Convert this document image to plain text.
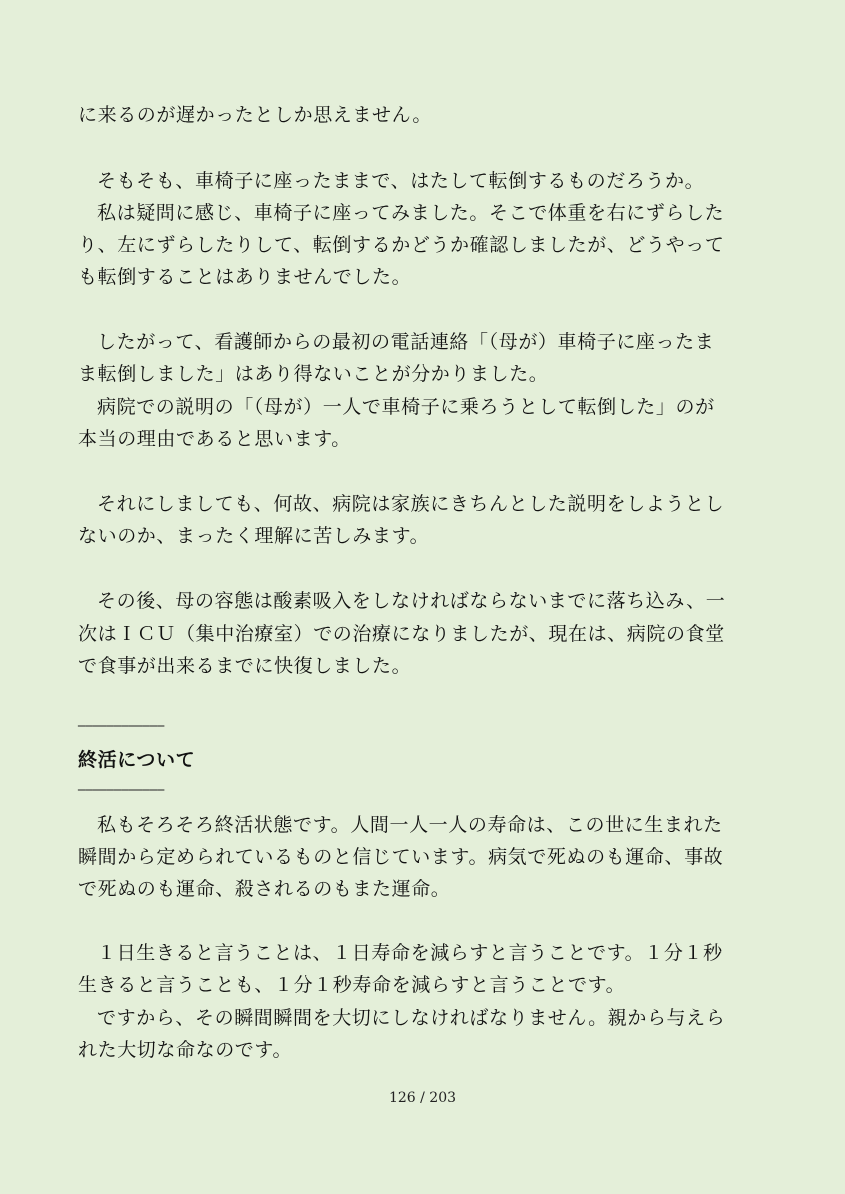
に来るのが遅かったとしか思えません。
そもそも、車椅子に座ったままで、はたして転倒するものだろうか。
私は疑問に感じ、車椅子に座ってみました。そこで体重を右にずらした
り、左にずらしたりして、転倒するかどうか確認しましたが、どうやって
も転倒することはありませんでした。
したがって、看護師からの最初の電話連絡「（母が）車椅子に座ったま
ま転倒しました」はあり得ないことが分かりました。
病院での説明の「（母が）一人で車椅子に乗ろうとして転倒した」のが
本当の理由であると思います。
それにしましても、何故、病院は家族にきちんとした説明をしようとし
ないのか、まったく理解に苦しみます。
その後、母の容態は酸素吸入をしなければならないまでに落ち込み、一
次はＩＣＵ（集中治療室）での治療になりましたが、現在は、病院の食堂
で食事が出来るまでに快復しました。
____________
終活について
____________
私もそろそろ終活状態です。人間一人一人の寿命は、この世に生まれた
瞬間から定められているものと信じています。病気で死ぬのも運命、事故
で死ぬのも運命、殺されるのもまた運命。
１日生きると言うことは、１日寿命を減らすと言うことです。１分１秒
生きると言うことも、１分１秒寿命を減らすと言うことです。
ですから、その瞬間瞬間を大切にしなければなりません。親から与えら
れた大切な命なのです。
126 / 203
